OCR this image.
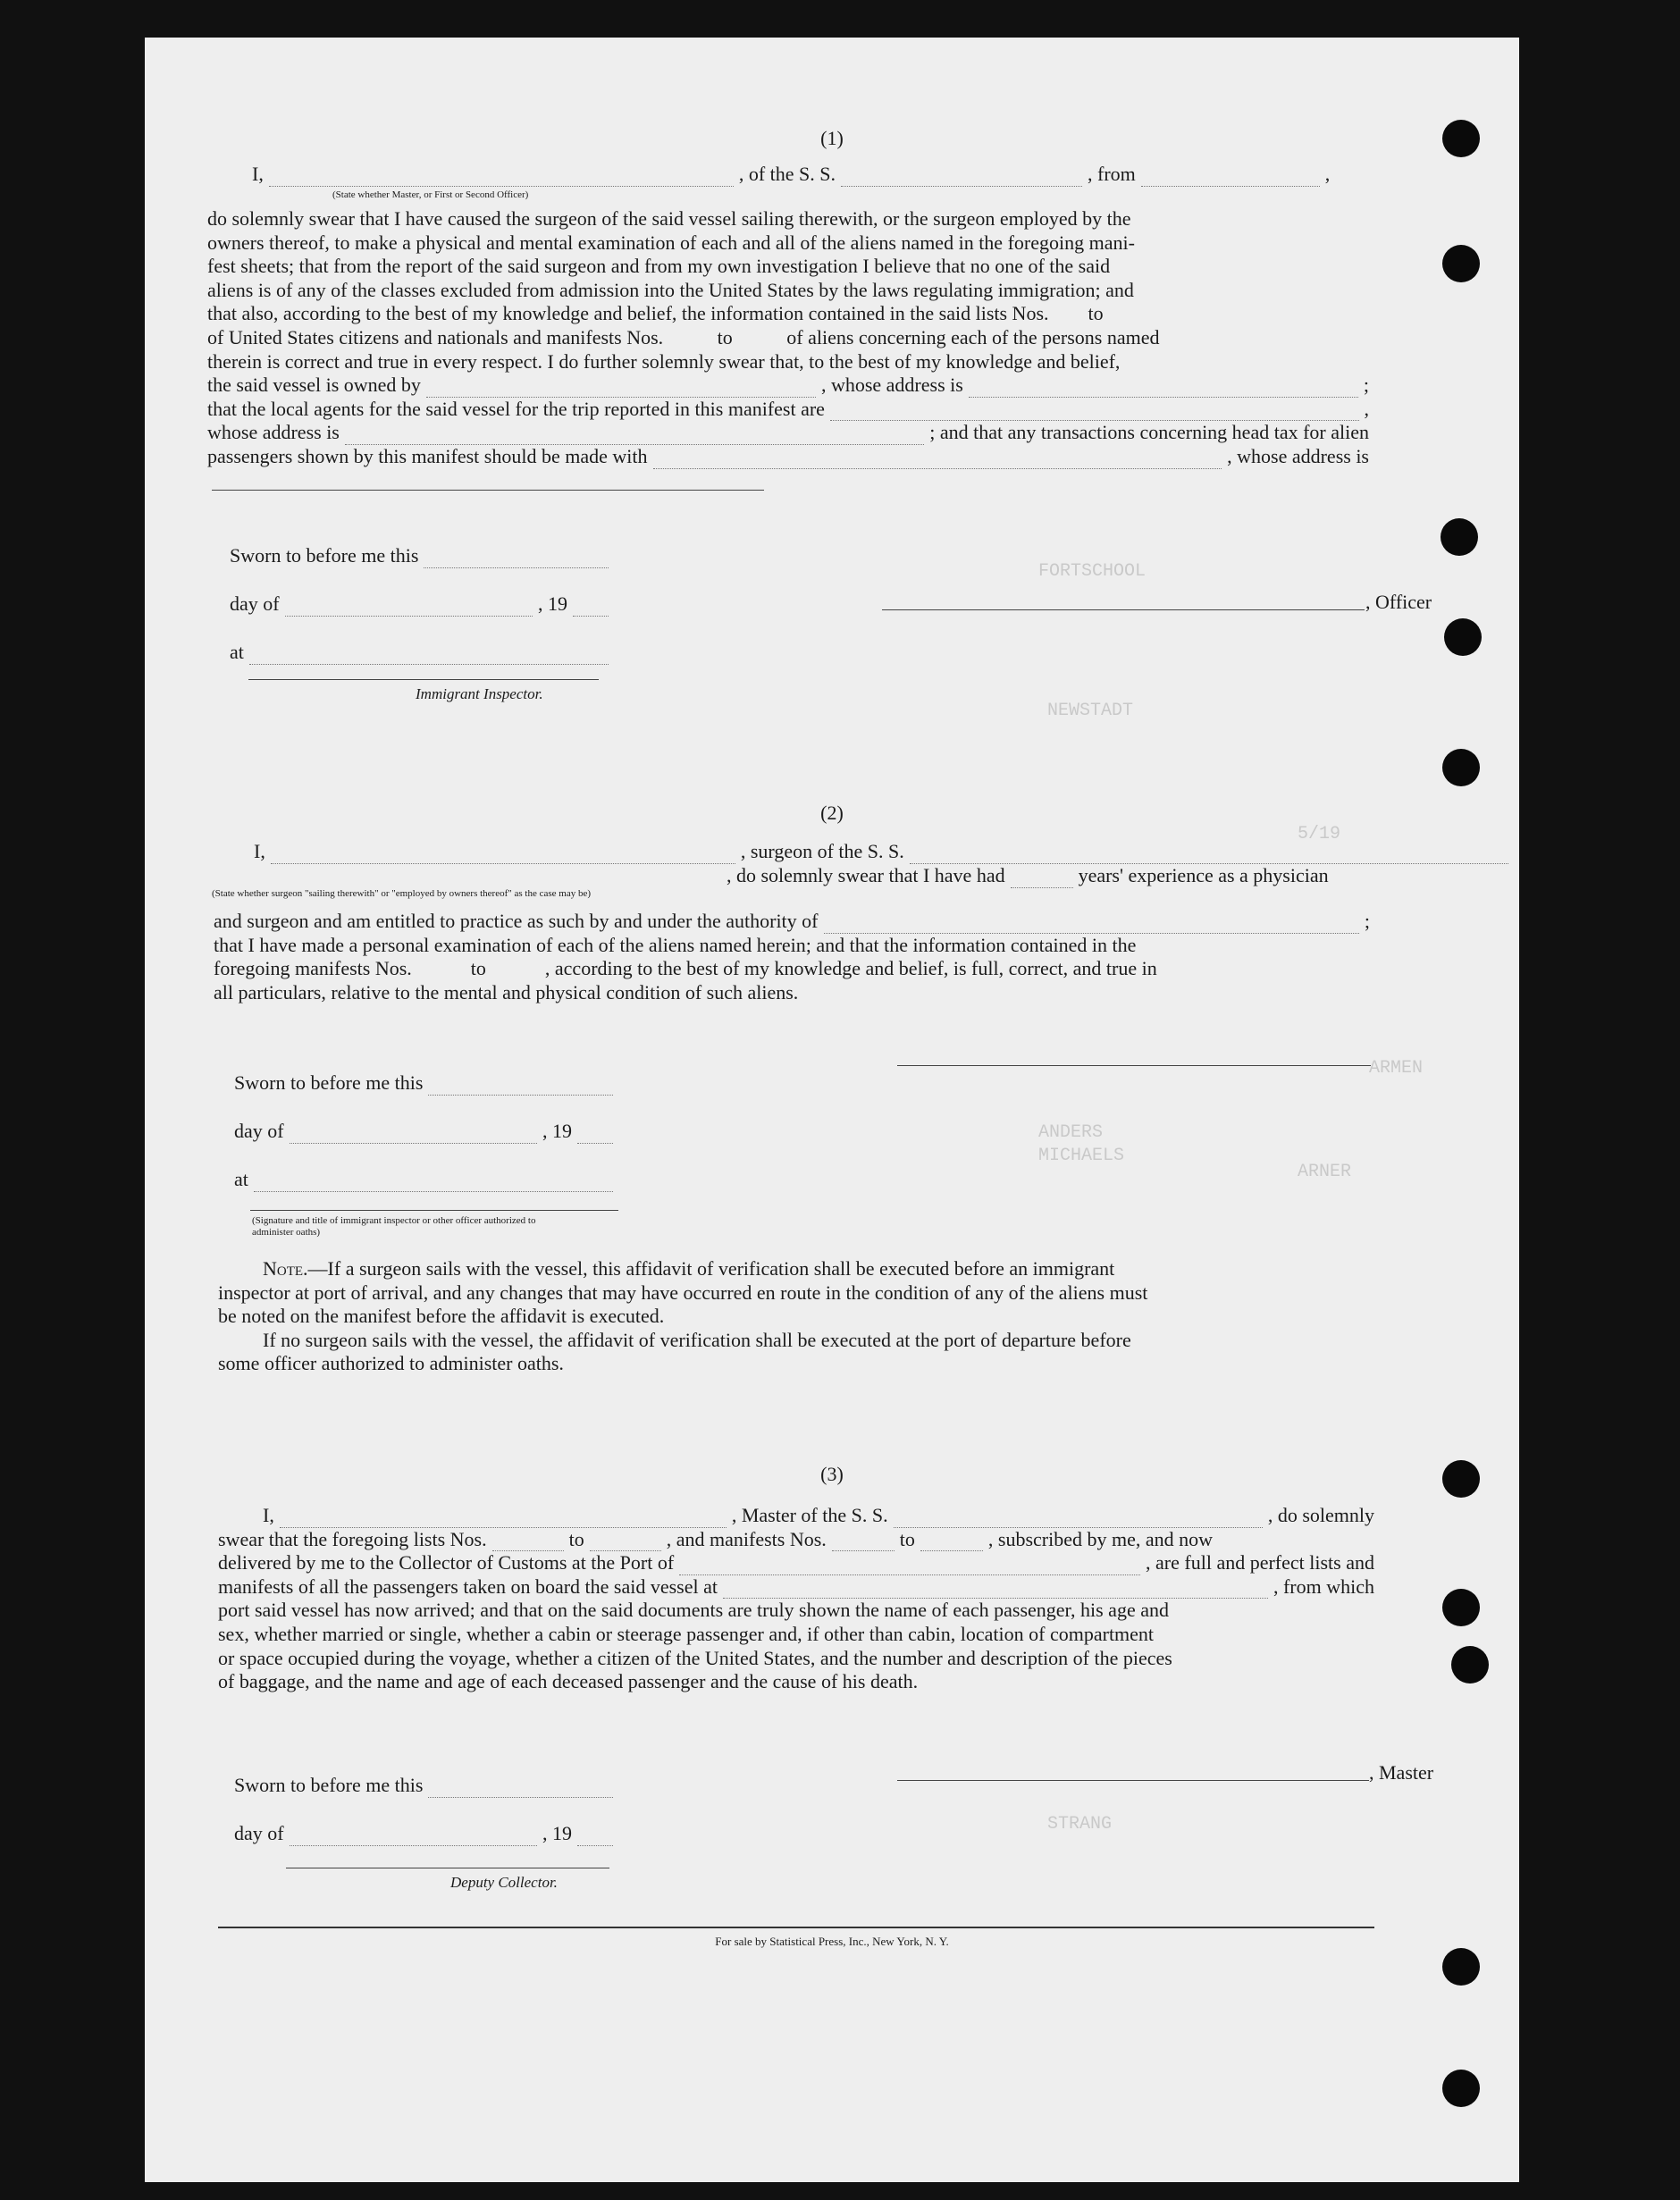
(1)
I,	, of the S. S.	, from	,
(State whether Master, or First or Second Officer)
do solemnly swear that I have caused the surgeon of the said vessel sailing therewith, or the surgeon employed by the
owners thereof, to make a physical and mental examination of each and all of the aliens named in the foregoing mani-
fest sheets; that from the report of the said surgeon and from my own investigation I believe that no one of the said
aliens is of any of the classes excluded from admission into the United States by the laws regulating immigration; and
that also, according to the best of my knowledge and belief, the information contained in the said lists Nos.        to
of United States citizens and nationals and manifests Nos.           to           of aliens concerning each of the persons named
therein is correct and true in every respect. I do further solemnly swear that, to the best of my knowledge and belief,
the said vessel is owned by	, whose address is	;
that the local agents for the said vessel for the trip reported in this manifest are	,
whose address is	; and that any transactions concerning head tax for alien
passengers shown by this manifest should be made with	, whose address is
Sworn to before me this
day of	, 19
at
Immigrant Inspector.
, Officer
(2)
I,	, surgeon of the S. S.
, do solemnly swear that I have had	years' experience as a physician
(State whether surgeon "sailing therewith" or "employed by owners thereof" as the case may be)
and surgeon and am entitled to practice as such by and under the authority of	;
that I have made a personal examination of each of the aliens named herein; and that the information contained in the
foregoing manifests Nos.            to            , according to the best of my knowledge and belief, is full, correct, and true in
all particulars, relative to the mental and physical condition of such aliens.
Sworn to before me this
day of	, 19
at
(Signature and title of immigrant inspector or other officer authorized to administer oaths)
Note. —If a surgeon sails with the vessel, this affidavit of verification shall be executed before an immigrant
inspector at port of arrival, and any changes that may have occurred en route in the condition of any of the aliens must
be noted on the manifest before the affidavit is executed.
If no surgeon sails with the vessel, the affidavit of verification shall be executed at the port of departure before
some officer authorized to administer oaths.
(3)
I,	, Master of the S. S.	, do solemnly
swear that the foregoing lists Nos.	to	, and manifests Nos.	to	, subscribed by me, and now
delivered by me to the Collector of Customs at the Port of	, are full and perfect lists and
manifests of all the passengers taken on board the said vessel at	, from which
port said vessel has now arrived; and that on the said documents are truly shown the name of each passenger, his age and
sex, whether married or single, whether a cabin or steerage passenger and, if other than cabin, location of compartment
or space occupied during the voyage, whether a citizen of the United States, and the number and description of the pieces
of baggage, and the name and age of each deceased passenger and the cause of his death.
Sworn to before me this
day of	, 19
Deputy Collector.
, Master
For sale by Statistical Press, Inc., New York, N. Y.
FORTSCHOOL
ARMEN
NEWSTADT
5/19
ANDERS
STRANG
ARNER
MICHAELS
